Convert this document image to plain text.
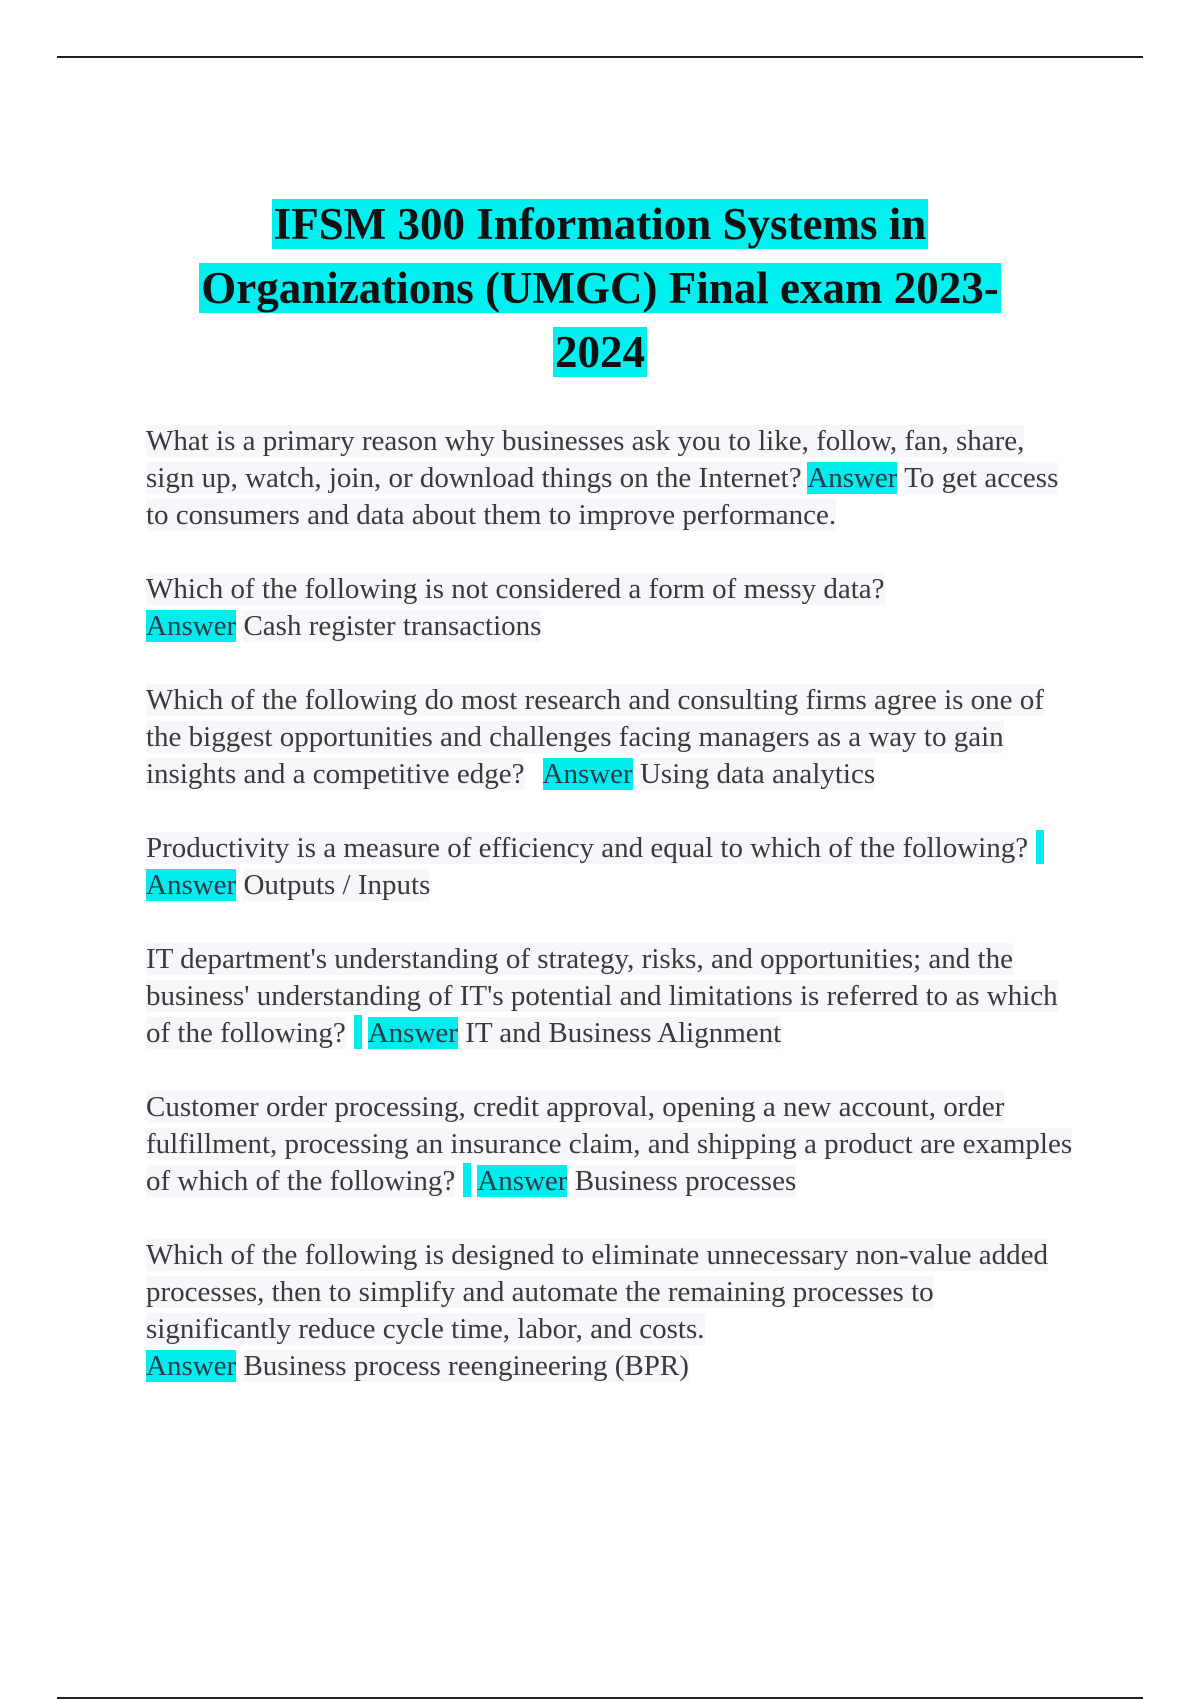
IFSM 300 Information Systems in
Organizations (UMGC) Final exam 2023-
2024

What is a primary reason why businesses ask you to like, follow, fan, share, sign up, watch, join, or download things on the Internet? Answer To get access to consumers and data about them to improve performance.

Which of the following is not considered a form of messy data?
Answer Cash register transactions

Which of the following do most research and consulting firms agree is one of the biggest opportunities and challenges facing managers as a way to gain insights and a competitive edge? Answer Using data analytics

Productivity is a measure of efficiency and equal to which of the following?Answer Outputs / Inputs

IT department's understanding of strategy, risks, and opportunities; and the business' understanding of IT's potential and limitations is referred to as which of the following? Answer IT and Business Alignment

Customer order processing, credit approval, opening a new account, order fulfillment, processing an insurance claim, and shipping a product are examples of which of the following? Answer Business processes

Which of the following is designed to eliminate unnecessary non-value added processes, then to simplify and automate the remaining processes to significantly reduce cycle time, labor, and costs.
Answer Business process reengineering (BPR)
